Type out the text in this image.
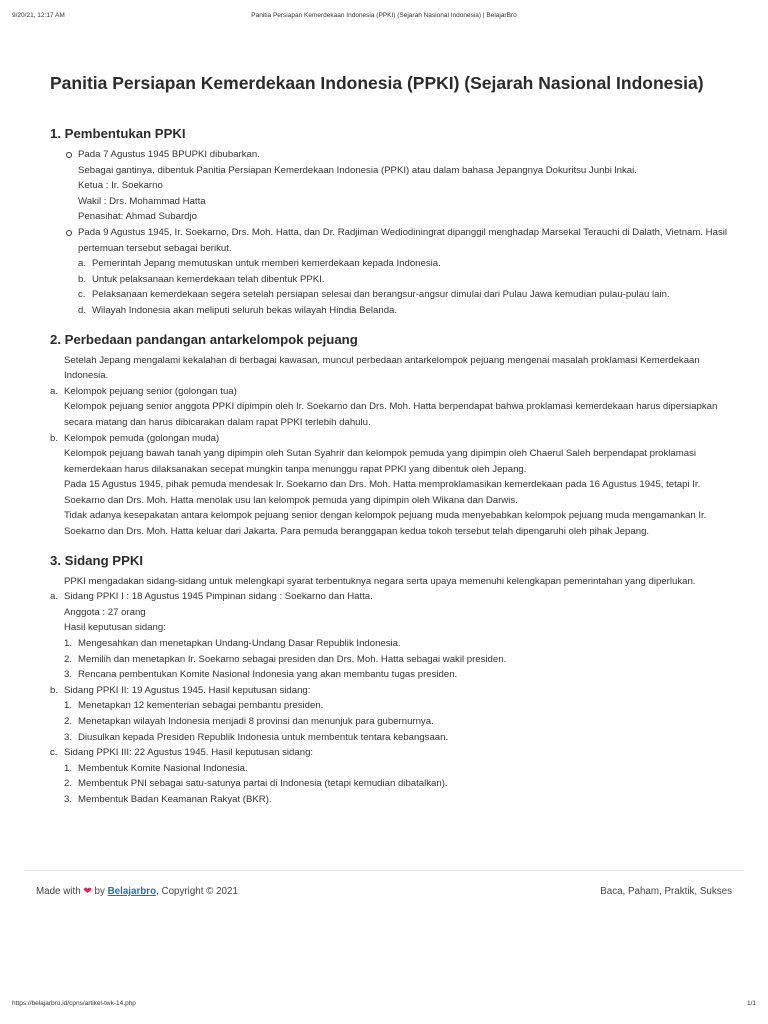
9/20/21, 12:17 AM	Panitia Persiapan Kemerdekaan Indonesia (PPKI) (Sejarah Nasional Indonesia) | BelajarBro
Panitia Persiapan Kemerdekaan Indonesia (PPKI) (Sejarah Nasional Indonesia)
1. Pembentukan PPKI
Pada 7 Agustus 1945 BPUPKI dibubarkan.
Sebagai gantinya, dibentuk Panitia Persiapan Kemerdekaan Indonesia (PPKI) atau dalam bahasa Jepangnya Dokuritsu Junbi lnkai.
Ketua : Ir. Soekarno
Wakil : Drs. Mohammad Hatta
Penasihat: Ahmad Subardjo
Pada 9 Agustus 1945, Ir. Soekarno, Drs. Moh. Hatta, dan Dr. Radjiman Wediodiningrat dipanggil menghadap Marsekal Terauchi di Dalath, Vietnam. Hasil pertemuan tersebut sebagai berikut.
a. Pemerintah Jepang memutuskan untuk memberi kemerdekaan kepada Indonesia.
b. Untuk pelaksanaan kemerdekaan telah dibentuk PPKI.
c. Pelaksanaan kemerdekaan segera setelah persiapan selesai dan berangsur-angsur dimulai dari Pulau Jawa kemudian pulau-pulau lain.
d. Wilayah Indonesia akan meliputi seluruh bekas wilayah Hindia Belanda.
2. Perbedaan pandangan antarkelompok pejuang
Setelah Jepang mengalami kekalahan di berbagai kawasan, muncul perbedaan antarkelompok pejuang mengenai masalah proklamasi Kemerdekaan Indonesia.
a. Kelompok pejuang senior (golongan tua)
Kelompok pejuang senior anggota PPKI dipimpin oleh Ir. Soekarno dan Drs. Moh. Hatta berpendapat bahwa proklamasi kemerdekaan harus dipersiapkan secara matang dan harus dibicarakan dalam rapat PPKI terlebih dahulu.
b. Kelompok pemuda (golongan muda)
Kelompok pejuang bawah tanah yang dipimpin oleh Sutan Syahrir dan kelompok pemuda yang dipimpin oleh Chaerul Saleh berpendapat proklamasi kemerdekaan harus dilaksanakan secepat mungkin tanpa menunggu rapat PPKI yang dibentuk oleh Jepang.
Pada 15 Agustus 1945, pihak pemuda mendesak Ir. Soekarno dan Drs. Moh. Hatta memproklamasikan kemerdekaan pada 16 Agustus 1945, tetapi Ir. Soekarno dan Drs. Moh. Hatta menolak usu lan kelompok pemuda yang dipimpin oleh Wikana dan Darwis.
Tidak adanya kesepakatan antara kelompok pejuang senior dengan kelompok pejuang muda menyebabkan kelompok pejuang muda mengamankan Ir. Soekarno dan Drs. Moh. Hatta keluar dari Jakarta. Para pemuda beranggapan kedua tokoh tersebut telah dipengaruhi oleh pihak Jepang.
3. Sidang PPKI
PPKI mengadakan sidang-sidang untuk melengkapi syarat terbentuknya negara serta upaya memenuhi kelengkapan pemerintahan yang diperlukan.
a. Sidang PPKI I : 18 Agustus 1945 Pimpinan sidang : Soekarno dan Hatta.
Anggota : 27 orang
Hasil keputusan sidang:
1. Mengesahkan dan menetapkan Undang-Undang Dasar Republik Indonesia.
2. Memilih dan menetapkan Ir. Soekarno sebagai presiden dan Drs. Moh. Hatta sebagai wakil presiden.
3. Rencana pembentukan Komite Nasional Indonesia yang akan membantu tugas presiden.
b. Sidang PPKI II: 19 Agustus 1945. Hasil keputusan sidang:
1. Menetapkan 12 kementerian sebagai pembantu presiden.
2. Menetapkan wilayah Indonesia menjadi 8 provinsi dan menunjuk para gubernurnya.
3. Diusulkan kepada Presiden Republik Indonesia untuk membentuk tentara kebangsaan.
c. Sidang PPKI III: 22 Agustus 1945. Hasil keputusan sidang:
1. Membentuk Komite Nasional Indonesia.
2. Membentuk PNI sebagai satu-satunya partai di Indonesia (tetapi kemudian dibatalkan).
3. Membentuk Badan Keamanan Rakyat (BKR).
Made with ❤ by Belajarbro, Copyright © 2021	Baca, Paham, Praktik, Sukses
https://belajarbro.id/cpns/artikel-twk-14.php	1/1
